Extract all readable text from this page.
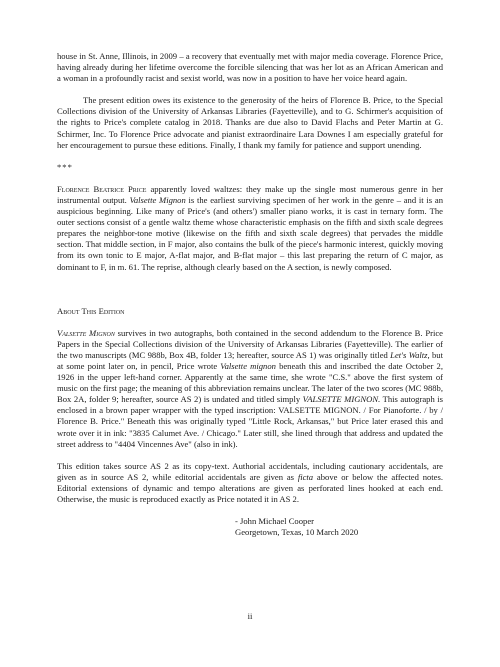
house in St. Anne, Illinois, in 2009 – a recovery that eventually met with major media coverage. Florence Price, having already during her lifetime overcome the forcible silencing that was her lot as an African American and a woman in a profoundly racist and sexist world, was now in a position to have her voice heard again.

The present edition owes its existence to the generosity of the heirs of Florence B. Price, to the Special Collections division of the University of Arkansas Libraries (Fayetteville), and to G. Schirmer's acquisition of the rights to Price's complete catalog in 2018. Thanks are due also to David Flachs and Peter Martin at G. Schirmer, Inc. To Florence Price advocate and pianist extraordinaire Lara Downes I am especially grateful for her encouragement to pursue these editions. Finally, I thank my family for patience and support unending.

***

Florence Beatrice Price apparently loved waltzes: they make up the single most numerous genre in her instrumental output. Valsette Mignon is the earliest surviving specimen of her work in the genre – and it is an auspicious beginning. Like many of Price's (and others') smaller piano works, it is cast in ternary form. The outer sections consist of a gentle waltz theme whose characteristic emphasis on the fifth and sixth scale degrees prepares the neighbor-tone motive (likewise on the fifth and sixth scale degrees) that pervades the middle section. That middle section, in F major, also contains the bulk of the piece's harmonic interest, quickly moving from its own tonic to E major, A-flat major, and B-flat major – this last preparing the return of C major, as dominant to F, in m. 61. The reprise, although clearly based on the A section, is newly composed.

About This Edition

Valsette Mignon survives in two autographs, both contained in the second addendum to the Florence B. Price Papers in the Special Collections division of the University of Arkansas Libraries (Fayetteville). The earlier of the two manuscripts (MC 988b, Box 4B, folder 13; hereafter, source AS 1) was originally titled Let's Waltz, but at some point later on, in pencil, Price wrote Valsette mignon beneath this and inscribed the date October 2, 1926 in the upper left-hand corner. Apparently at the same time, she wrote "C.S." above the first system of music on the first page; the meaning of this abbreviation remains unclear. The later of the two scores (MC 988b, Box 2A, folder 9; hereafter, source AS 2) is undated and titled simply VALSETTE MIGNON. This autograph is enclosed in a brown paper wrapper with the typed inscription: VALSETTE MIGNON. / For Pianoforte. / by / Florence B. Price." Beneath this was originally typed "Little Rock, Arkansas," but Price later erased this and wrote over it in ink: "3835 Calumet Ave. / Chicago." Later still, she lined through that address and updated the street address to "4404 Vincennes Ave" (also in ink).

This edition takes source AS 2 as its copy-text. Authorial accidentals, including cautionary accidentals, are given as in source AS 2, while editorial accidentals are given as ficta above or below the affected notes. Editorial extensions of dynamic and tempo alterations are given as perforated lines hooked at each end. Otherwise, the music is reproduced exactly as Price notated it in AS 2.

- John Michael Cooper

Georgetown, Texas, 10 March 2020

ii
